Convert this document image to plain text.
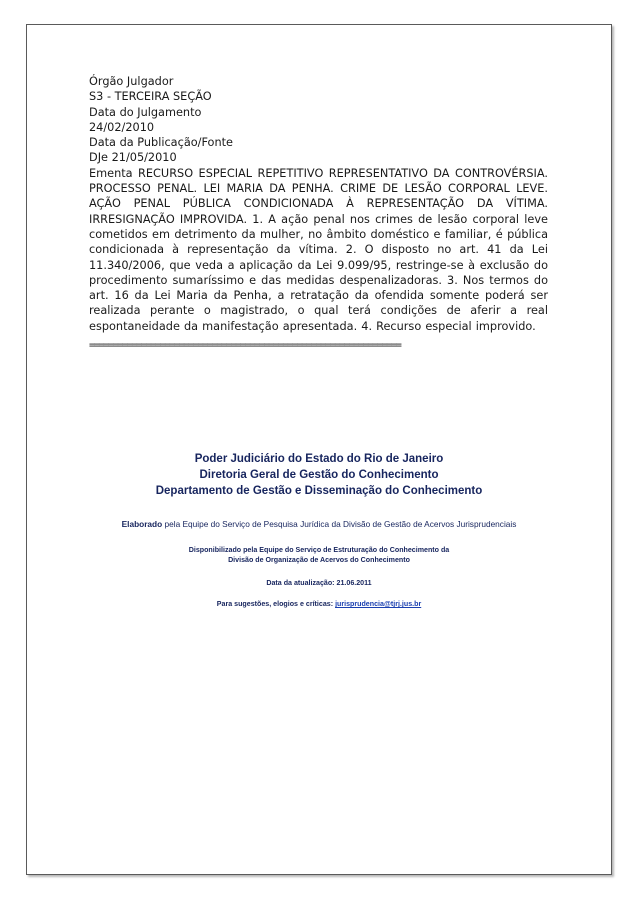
Órgão Julgador
S3 - TERCEIRA SEÇÃO
Data do Julgamento
24/02/2010
Data da Publicação/Fonte
DJe 21/05/2010
Ementa RECURSO ESPECIAL REPETITIVO REPRESENTATIVO DA CONTROVÉRSIA. PROCESSO PENAL. LEI MARIA DA PENHA. CRIME DE LESÃO CORPORAL LEVE. AÇÃO PENAL PÚBLICA CONDICIONADA À REPRESENTAÇÃO DA VÍTIMA. IRRESIGNAÇÃO IMPROVIDA. 1. A ação penal nos crimes de lesão corporal leve cometidos em detrimento da mulher, no âmbito doméstico e familiar, é pública condicionada à representação da vítima. 2. O disposto no art. 41 da Lei 11.340/2006, que veda a aplicação da Lei 9.099/95, restringe-se à exclusão do procedimento sumaríssimo e das medidas despenalizadoras. 3. Nos termos do art. 16 da Lei Maria da Penha, a retratação da ofendida somente poderá ser realizada perante o magistrado, o qual terá condições de aferir a real espontaneidade da manifestação apresentada. 4. Recurso especial improvido.
==================================================================
Poder Judiciário do Estado do Rio de Janeiro
Diretoria Geral de Gestão do Conhecimento
Departamento de Gestão e Disseminação do Conhecimento
Elaborado pela Equipe do Serviço de Pesquisa Jurídica da Divisão de Gestão de Acervos Jurisprudenciais
Disponibilizado pela Equipe do Serviço de Estruturação do Conhecimento da
Divisão de Organização de Acervos do Conhecimento
Data da atualização: 21.06.2011
Para sugestões, elogios e críticas: jurisprudencia@tjrj.jus.br
